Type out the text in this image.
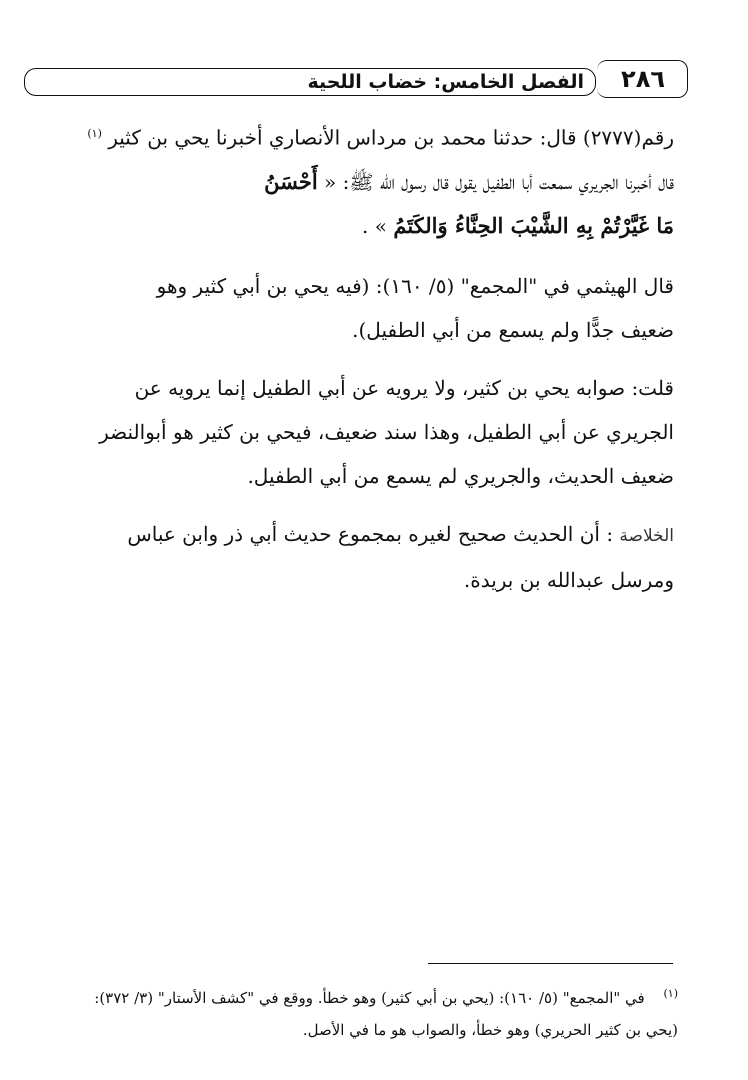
٢٨٦
الفصل الخامس: خضاب اللحية
رقم(٢٧٧٧) قال: حدثنا محمد بن مرداس الأنصاري أخبرنا يحي بن كثير $^{(١)}$
قال أخبرنا الجريري سمعت أبا الطفيل يقول قال رسول الله ﷺ: « أَحْسَنُ
مَا غَيَّرْتُمْ بِهِ الشَّيْبَ الحِنَّاءُ وَالكَتَمُ » .
قال الهيثمي في "المجمع" (٥/ ١٦٠): (فيه يحي بن أبي كثير وهو
ضعيف جدًّا ولم يسمع من أبي الطفيل).
قلت: صوابه يحي بن كثير، ولا يرويه عن أبي الطفيل إنما يرويه عن
الجريري عن أبي الطفيل، وهذا سند ضعيف، فيحي بن كثير هو أبوالنضر
ضعيف الحديث، والجريري لم يسمع من أبي الطفيل.
الخلاصة : أن الحديث صحيح لغيره بمجموع حديث أبي ذر وابن عباس
ومرسل عبدالله بن بريدة.
$^{(١)}$ في "المجمع" (٥/ ١٦٠): (يحي بن أبي كثير) وهو خطأ. ووقع في "كشف الأستار" (٣/ ٣٧٢):
(يحي بن كثير الحريري) وهو خطأ، والصواب هو ما في الأصل.
